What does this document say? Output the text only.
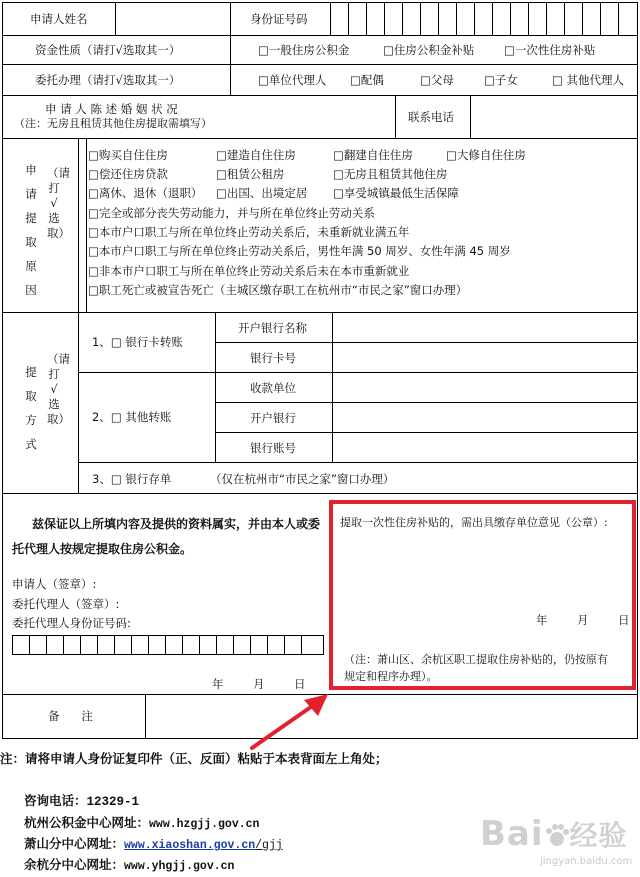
申请人姓名	身份证号码
资金性质（请打√选取其一）	□一般住房公积金	□住房公积金补贴	□一次性住房补贴
委托办理（请打√选取其一）	□单位代理人 □配偶	□父母	□子女	□ 其他代理人
申 请 人 陈 述 婚 姻 状 况
（注：无房且租赁其他住房提取需填写）	联系电话
申请提取原因
（请打√选取）
□购买自住住房	□建造自住住房	□翻建自住住房	□大修自住住房
□偿还住房贷款	□租赁公租房	□无房且租赁其他住房
□离休、退休（退职） □出国、出境定居 □享受城镇最低生活保障
□完全或部分丧失劳动能力，并与所在单位终止劳动关系
□本市户口职工与所在单位终止劳动关系后，未重新就业满五年
□本市户口职工与所在单位终止劳动关系后，男性年满 50 周岁、女性年满 45 周岁
□非本市户口职工与所在单位终止劳动关系后未在本市重新就业
□职工死亡或被宣告死亡（主城区缴存职工在杭州市“市民之家”窗口办理）
提取方式
（请打√选取）
1、□ 银行卡转账
开户银行名称
银行卡号
2、□ 其他转账
收款单位
开户银行
银行账号
3、□ 银行存单	（仅在杭州市“市民之家”窗口办理）
兹保证以上所填内容及提供的资料属实，并由本人或委
托代理人按规定提取住房公积金。
申请人（签章）:
委托代理人（签章）:
委托代理人身份证号码:
年	月	日
提取一次性住房补贴的，需出具缴存单位意见（公章）:
年	月	日
（注：萧山区、余杭区职工提取住房补贴的，仍按原有
规定和程序办理）。
备      注
注：请将申请人身份证复印件（正、反面）粘贴于本表背面左上角处；
咨询电话：12329-1
杭州公积金中心网址：www.hzgjj.gov.cn
萧山分中心网址：www.xiaoshan.gov.cn/gjj
余杭分中心网址：www.yhgjj.gov.cn
Bai 经验
jingyan.baidu.com
